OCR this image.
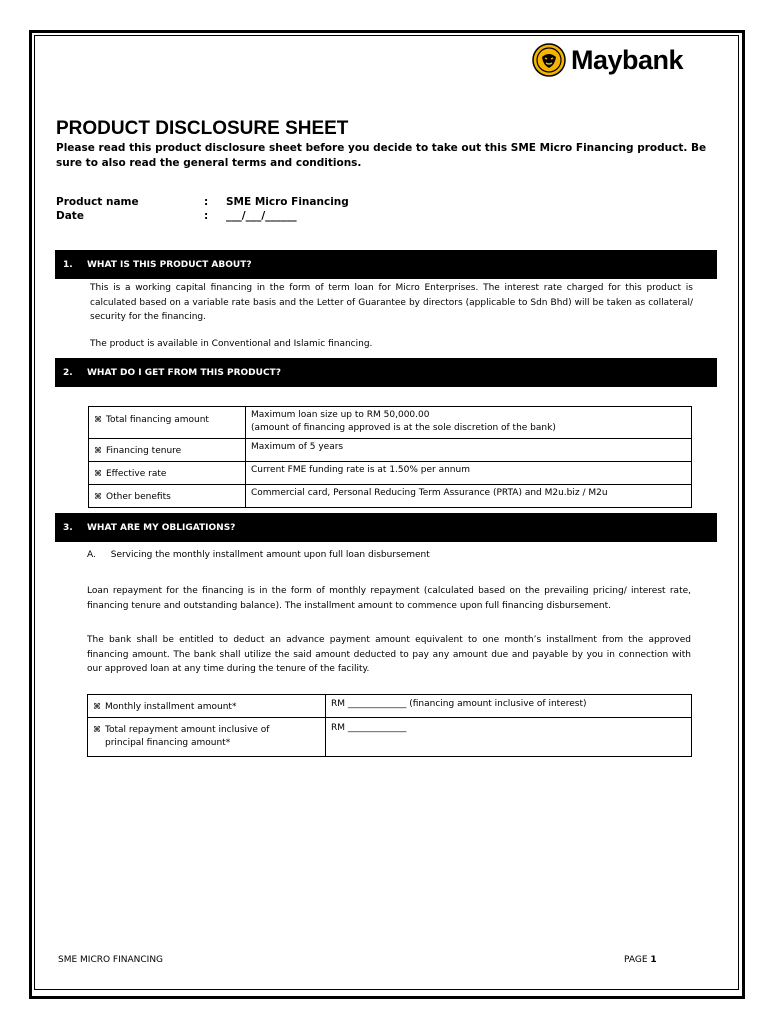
Maybank
PRODUCT DISCLOSURE SHEET
Please read this product disclosure sheet before you decide to take out this SME Micro Financing product. Be sure to also read the general terms and conditions.
Product name	: SME Micro Financing
Date	: ___/___/______
1. WHAT IS THIS PRODUCT ABOUT?
This is a working capital financing in the form of term loan for Micro Enterprises. The interest rate charged for this product is calculated based on a variable rate basis and the Letter of Guarantee by directors (applicable to Sdn Bhd) will be taken as collateral/ security for the financing.
The product is available in Conventional and Islamic financing.
2. WHAT DO I GET FROM THIS PRODUCT?
⌘ Total financing amount	Maximum loan size up to RM 50,000.00
(amount of financing approved is at the sole discretion of the bank)

⌘ Financing tenure	Maximum of 5 years
⌘ Effective rate	Current FME funding rate is at 1.50% per annum
⌘ Other benefits	Commercial card, Personal Reducing Term Assurance (PRTA) and M2u.biz / M2u
3. WHAT ARE MY OBLIGATIONS?
A. Servicing the monthly installment amount upon full loan disbursement
Loan repayment for the financing is in the form of monthly repayment (calculated based on the prevailing pricing/ interest rate, financing tenure and outstanding balance). The installment amount to commence upon full financing disbursement.
The bank shall be entitled to deduct an advance payment amount equivalent to one month’s installment from the approved financing amount. The bank shall utilize the said amount deducted to pay any amount due and payable by you in connection with our approved loan at any time during the tenure of the facility.
⌘ Monthly installment amount*	RM _____________ (financing amount inclusive of interest)

⌘ Total repayment amount inclusive of
principal financing amount*	RM _____________
SME MICRO FINANCING	PAGE 1
